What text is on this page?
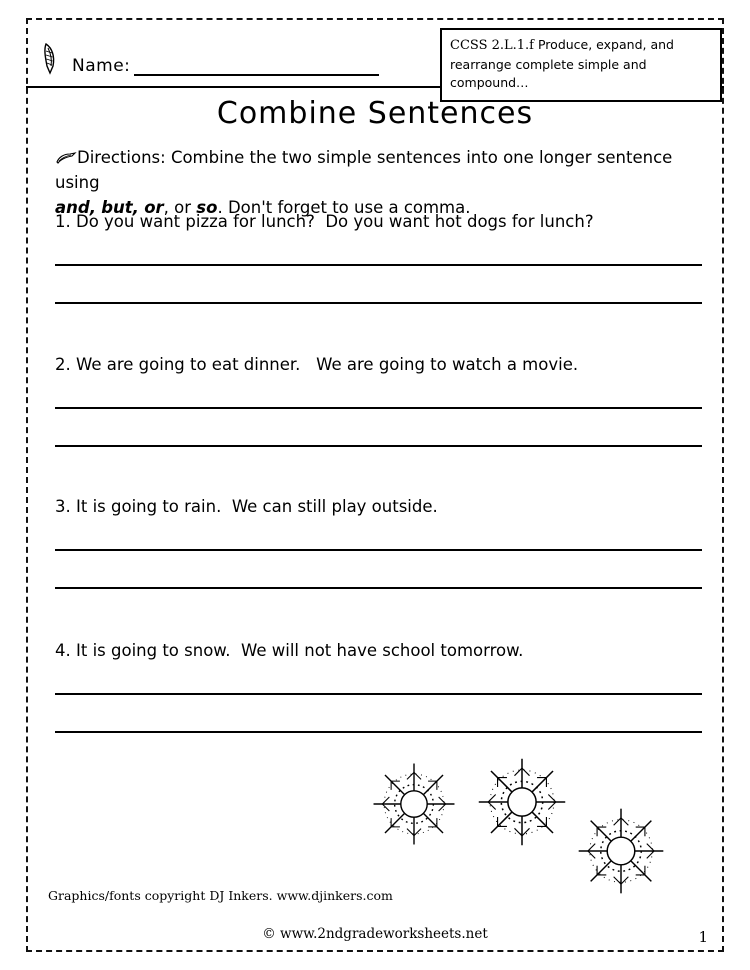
Name:
CCSS 2.L.1.f Produce, expand, and rearrange complete simple and compound…
Combine Sentences
Directions: Combine the two simple sentences into one longer sentence using
and, but, or, or so. Don't forget to use a comma.
1. Do you want pizza for lunch?  Do you want hot dogs for lunch?
2. We are going to eat dinner.   We are going to watch a movie.
3. It is going to rain.  We can still play outside.
4. It is going to snow.  We will not have school tomorrow.
Graphics/fonts copyright DJ Inkers. www.djinkers.com
© www.2ndgradeworksheets.net	1
